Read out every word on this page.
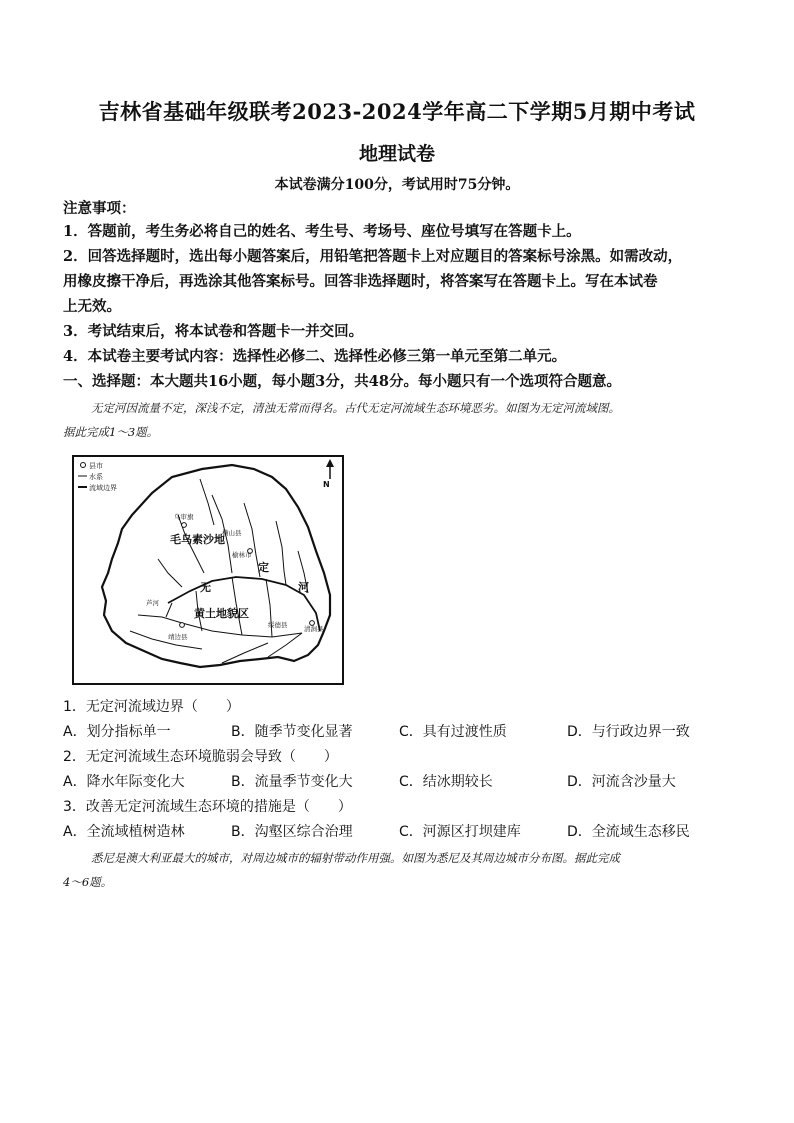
吉林省基础年级联考2023-2024学年高二下学期5月期中考试
地理试卷
本试卷满分100分，考试用时75分钟。
注意事项：
1．答题前，考生务必将自己的姓名、考生号、考场号、座位号填写在答题卡上。
2．回答选择题时，选出每小题答案后，用铅笔把答题卡上对应题目的答案标号涂黑。如需改动，
用橡皮擦干净后，再选涂其他答案标号。回答非选择题时，将答案写在答题卡上。写在本试卷
上无效。
3．考试结束后，将本试卷和答题卡一并交回。
4．本试卷主要考试内容：选择性必修二、选择性必修三第一单元至第二单元。
一、选择题：本大题共16小题，每小题3分，共48分。每小题只有一个选项符合题意。
无定河因流量不定，深浅不定，清浊无常而得名。古代无定河流域生态环境恶劣。如图为无定河流域图。
据此完成1～3题。
县市
水系
流域边界	N
乌审旗
横山县
榆林市
靖边县
清涧县
绥德县
芦河
毛乌素沙地
黄土地貌区
无
定
河
1．无定河流域边界（　　）
A．划分指标单一	B．随季节变化显著	C．具有过渡性质	D．与行政边界一致
2．无定河流域生态环境脆弱会导致（　　）
A．降水年际变化大	B．流量季节变化大	C．结冰期较长	D．河流含沙量大
3．改善无定河流域生态环境的措施是（　　）
A．全流域植树造林	B．沟壑区综合治理	C．河源区打坝建库	D．全流域生态移民
悉尼是澳大利亚最大的城市，对周边城市的辐射带动作用强。如图为悉尼及其周边城市分布图。据此完成
4～6题。
